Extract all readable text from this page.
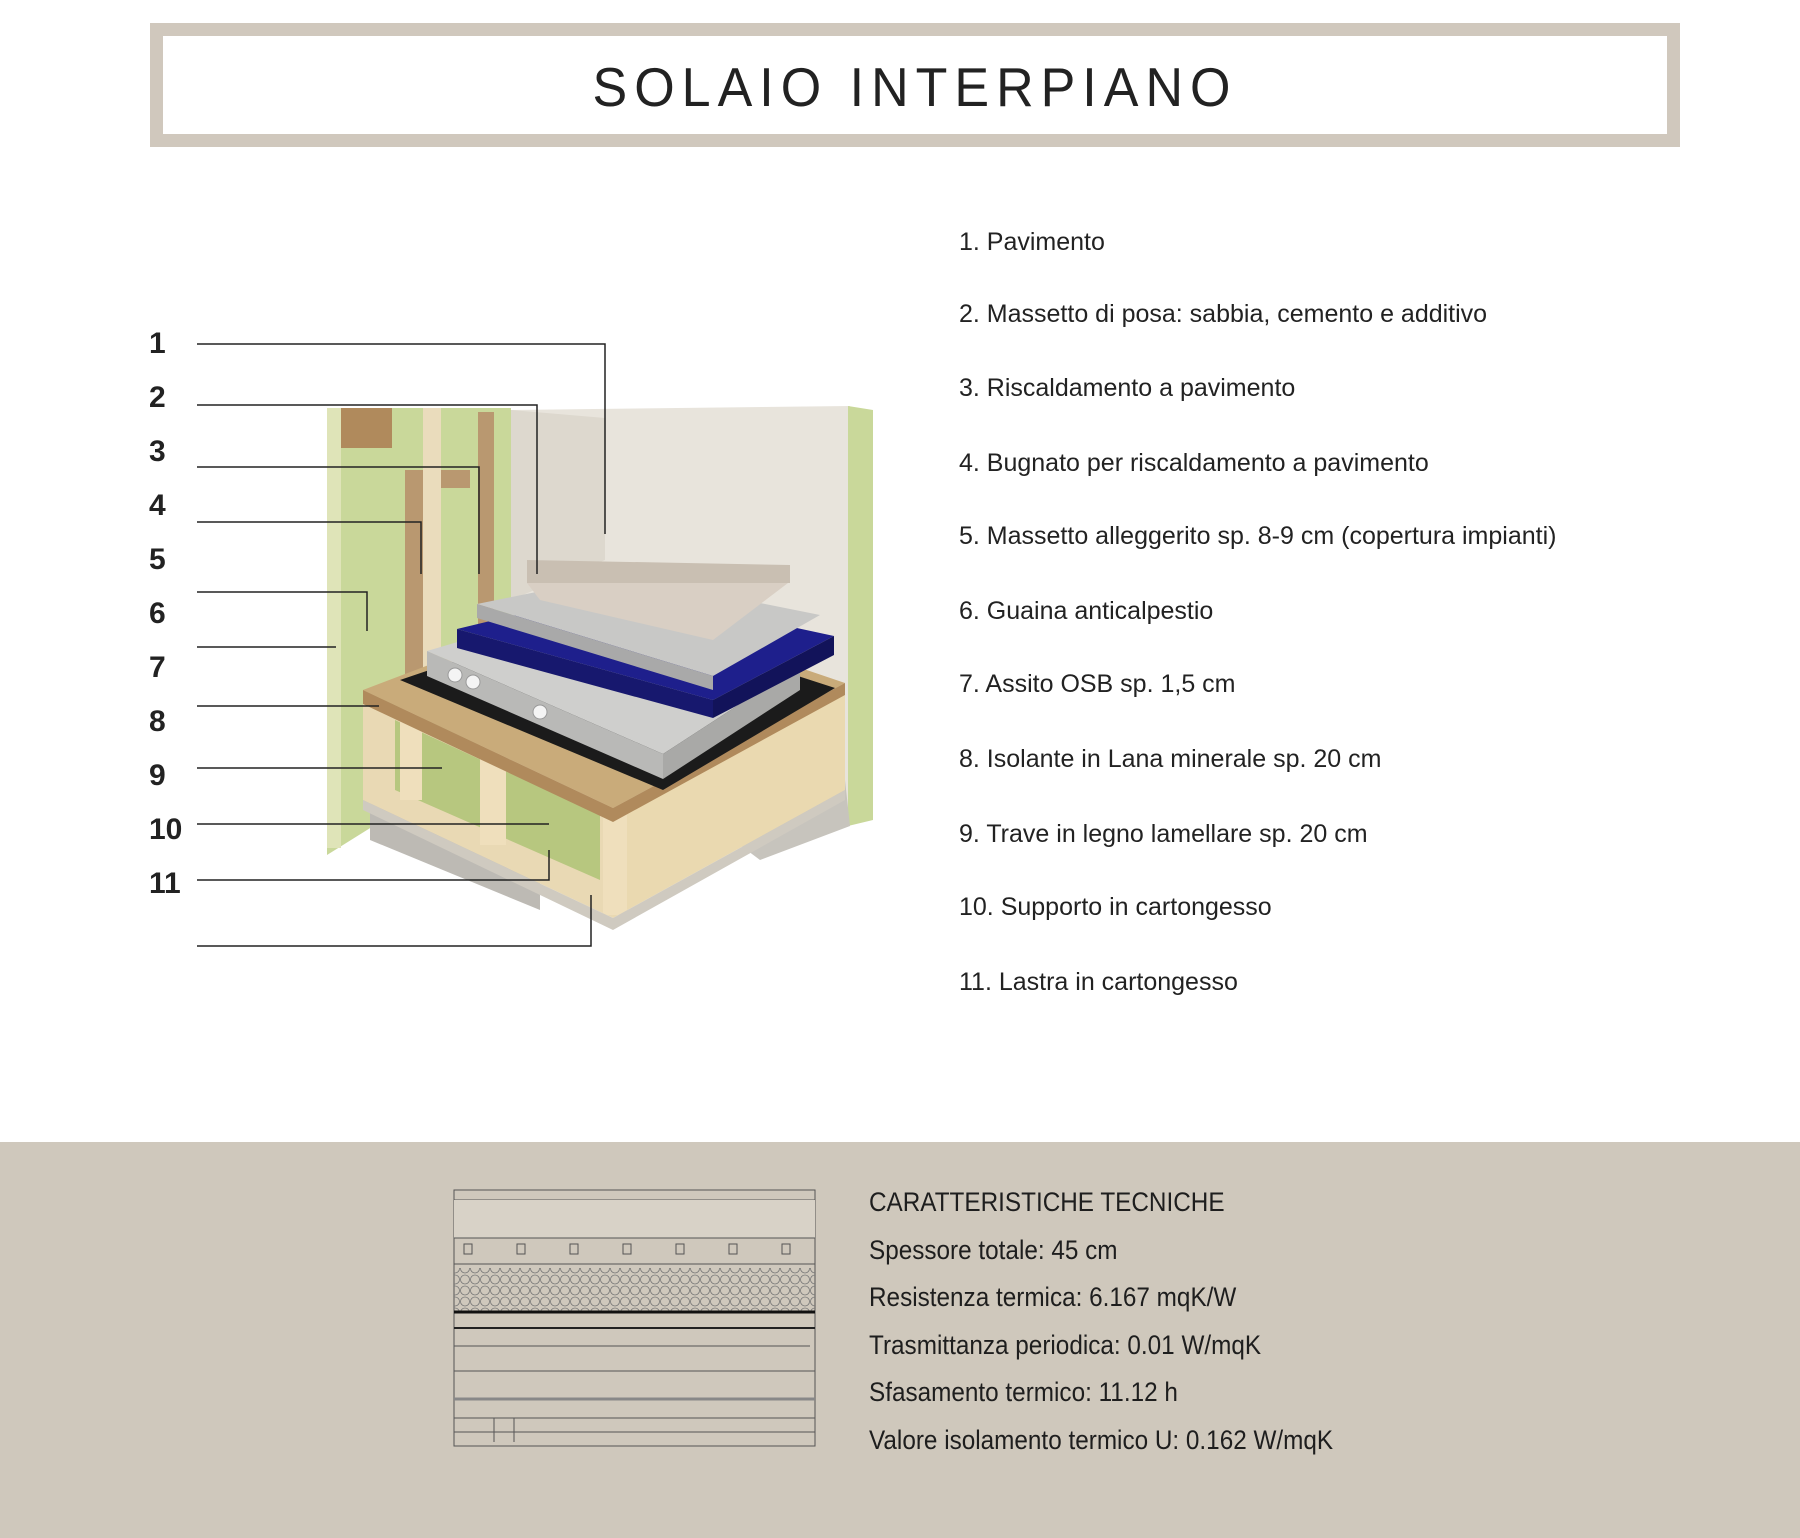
SOLAIO INTERPIANO
1
2
3
4
5
6
7
8
9
10
11
1. Pavimento
2. Massetto di posa: sabbia, cemento e additivo
3. Riscaldamento a pavimento
4. Bugnato per riscaldamento a pavimento
5. Massetto alleggerito sp. 8-9 cm (copertura impianti)
6. Guaina anticalpestio
7. Assito OSB sp. 1,5 cm
8. Isolante in Lana minerale sp. 20 cm
9. Trave in legno lamellare sp. 20 cm
10. Supporto in cartongesso
11. Lastra in cartongesso
CARATTERISTICHE TECNICHE
Spessore totale: 45 cm
Resistenza termica: 6.167 mqK/W
Trasmittanza periodica: 0.01 W/mqK
Sfasamento termico: 11.12 h
Valore isolamento termico U: 0.162 W/mqK
